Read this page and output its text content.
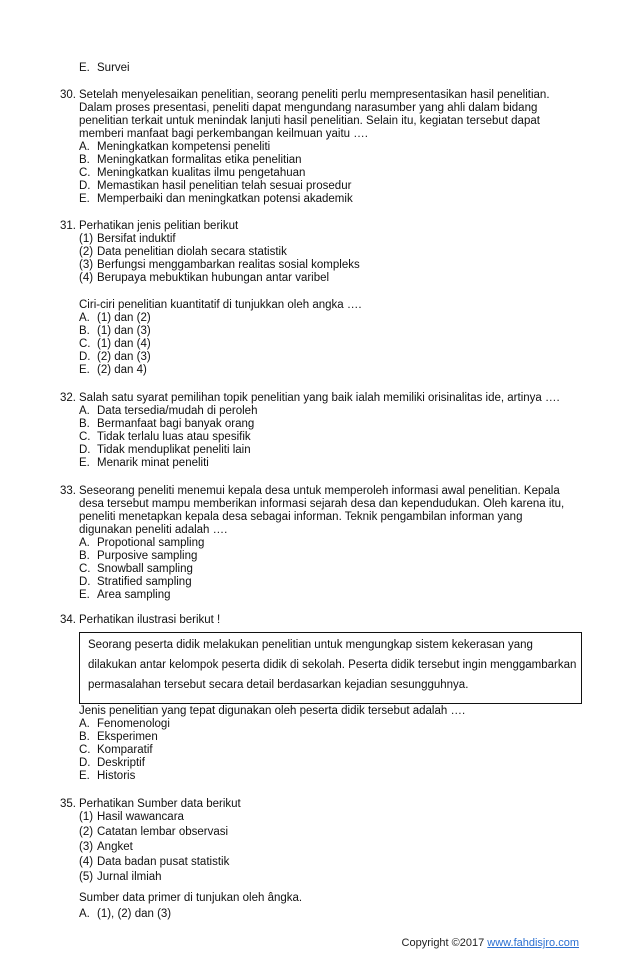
E. Survei
30. Setelah menyelesaikan penelitian, seorang peneliti perlu mempresentasikan hasil penelitian.
Dalam proses presentasi, peneliti dapat mengundang narasumber yang ahli dalam bidang
penelitian terkait untuk menindak lanjuti hasil penelitian. Selain itu, kegiatan tersebut dapat
memberi manfaat bagi perkembangan keilmuan yaitu ….
A. Meningkatkan kompetensi peneliti
B. Meningkatkan formalitas etika penelitian
C. Meningkatkan kualitas ilmu pengetahuan
D. Memastikan hasil penelitian telah sesuai prosedur
E. Memperbaiki dan meningkatkan potensi akademik
31. Perhatikan jenis pelitian berikut
(1) Bersifat induktif
(2) Data penelitian diolah secara statistik
(3) Berfungsi menggambarkan realitas sosial kompleks
(4) Berupaya mebuktikan hubungan antar varibel
Ciri-ciri penelitian kuantitatif di tunjukkan oleh angka ….
A. (1) dan (2)
B. (1) dan (3)
C. (1) dan (4)
D. (2) dan (3)
E. (2) dan 4)
32. Salah satu syarat pemilihan topik penelitian yang baik ialah memiliki orisinalitas ide, artinya ….
A. Data tersedia/mudah di peroleh
B. Bermanfaat bagi banyak orang
C. Tidak terlalu luas atau spesifik
D. Tidak menduplikat peneliti lain
E. Menarik minat peneliti
33. Seseorang peneliti menemui kepala desa untuk memperoleh informasi awal penelitian. Kepala
desa tersebut mampu memberikan informasi sejarah desa dan kependudukan. Oleh karena itu,
peneliti menetapkan kepala desa sebagai informan. Teknik pengambilan informan yang
digunakan peneliti adalah ….
A. Propotional sampling
B. Purposive sampling
C. Snowball sampling
D. Stratified sampling
E. Area sampling
34. Perhatikan ilustrasi berikut !
Seorang peserta didik melakukan penelitian untuk mengungkap sistem kekerasan yang
dilakukan antar kelompok peserta didik di sekolah. Peserta didik tersebut ingin menggambarkan
permasalahan tersebut secara detail berdasarkan kejadian sesungguhnya.
Jenis penelitian yang tepat digunakan oleh peserta didik tersebut adalah ….
A. Fenomenologi
B. Eksperimen
C. Komparatif
D. Deskriptif
E. Historis
35. Perhatikan Sumber data berikut
(1) Hasil wawancara
(2) Catatan lembar observasi
(3) Angket
(4) Data badan pusat statistik
(5) Jurnal ilmiah
Sumber data primer di tunjukan oleh ângka.
A. (1), (2) dan (3)
Copyright ©2017 www.fahdisjro.com
